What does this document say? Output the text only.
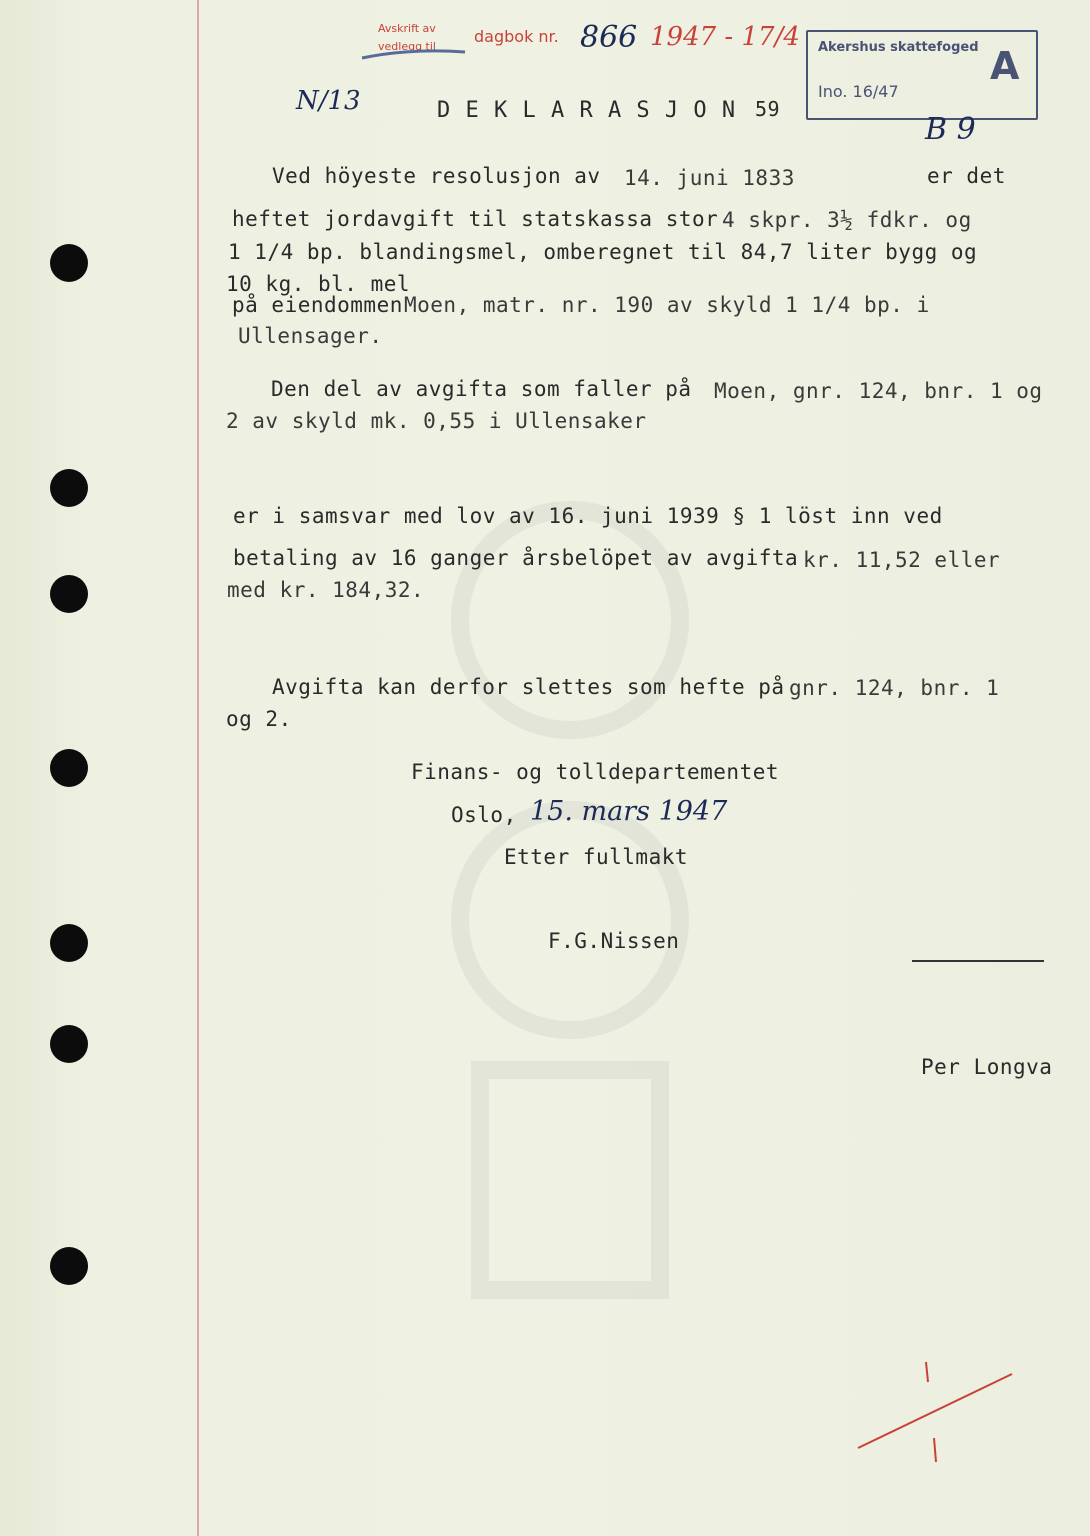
Avskrift av
vedlegg til
dagbok nr. 866 1947 - 17/4 Akershus skattefoged
Ino. 16/47
A
N/13	D E K L A R A S J O N 59
B 9
Ved höyeste resolusjon av 14. juni 1833	er det
heftet jordavgift til statskassa stor 4 skpr. 3½ fdkr. og
1 1/4 bp. blandingsmel, omberegnet til 84,7 liter bygg og
10 kg. bl. mel
på eiendommen Moen, matr. nr. 190 av skyld 1 1/4 bp. i
Ullensager.
Den del av avgifta som faller på Moen, gnr. 124, bnr. 1 og
2 av skyld mk. 0,55 i Ullensaker
er i samsvar med lov av 16. juni 1939 § 1 löst inn ved
betaling av 16 ganger årsbelöpet av avgifta kr. 11,52 eller
med kr. 184,32.
Avgifta kan derfor slettes som hefte på gnr. 124, bnr. 1
og 2.
Finans- og tolldepartementet
Oslo, 15. mars 1947
Etter fullmakt
F.G.Nissen
Per Longva
